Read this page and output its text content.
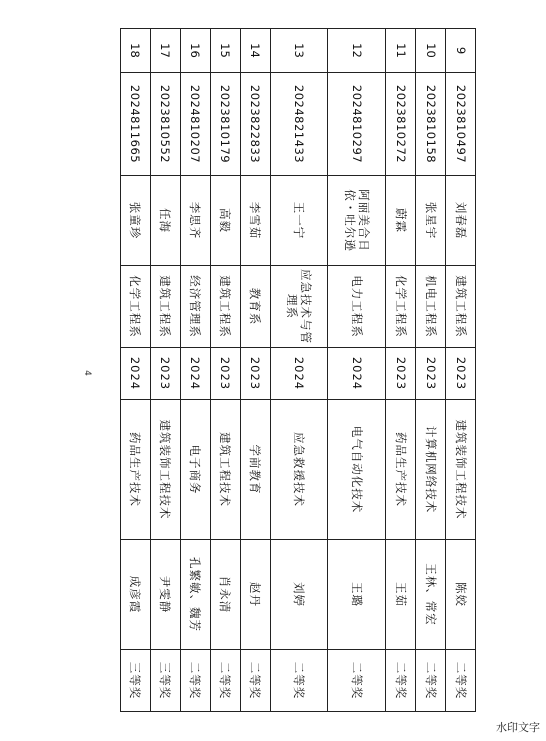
9	2023810497	刘春磊	建筑工程系	2023	建筑装饰工程技术	陈姣	二等奖
10	2023810158	张星宇	机电工程系	2023	计算机网络技术	王林、常宏	二等奖
11	2023810272	蔚霖	化学工程系	2023	药品生产技术	王茹	二等奖
12	2024810297	阿丽美合日依・吐尔逊	电力工程系	2024	电气自动化技术	王璐	二等奖
13	2024821433	王一宁	应急技术与管理系	2024	应急救援技术	刘婷	二等奖
14	2023822833	李雪茹	教育系	2023	学前教育	赵丹	二等奖
15	2023810179	高毅	建筑工程系	2023	建筑工程技术	肖永清	二等奖
16	2024810207	李思齐	经济管理系	2024	电子商务	孔繁敏、魏芳	二等奖
17	2023810552	任海	建筑工程系	2023	建筑装饰工程技术	尹雯静	三等奖
18	2024811665	张童珍	化学工程系	2024	药品生产技术	成彦霞	三等奖
4
水印文字
